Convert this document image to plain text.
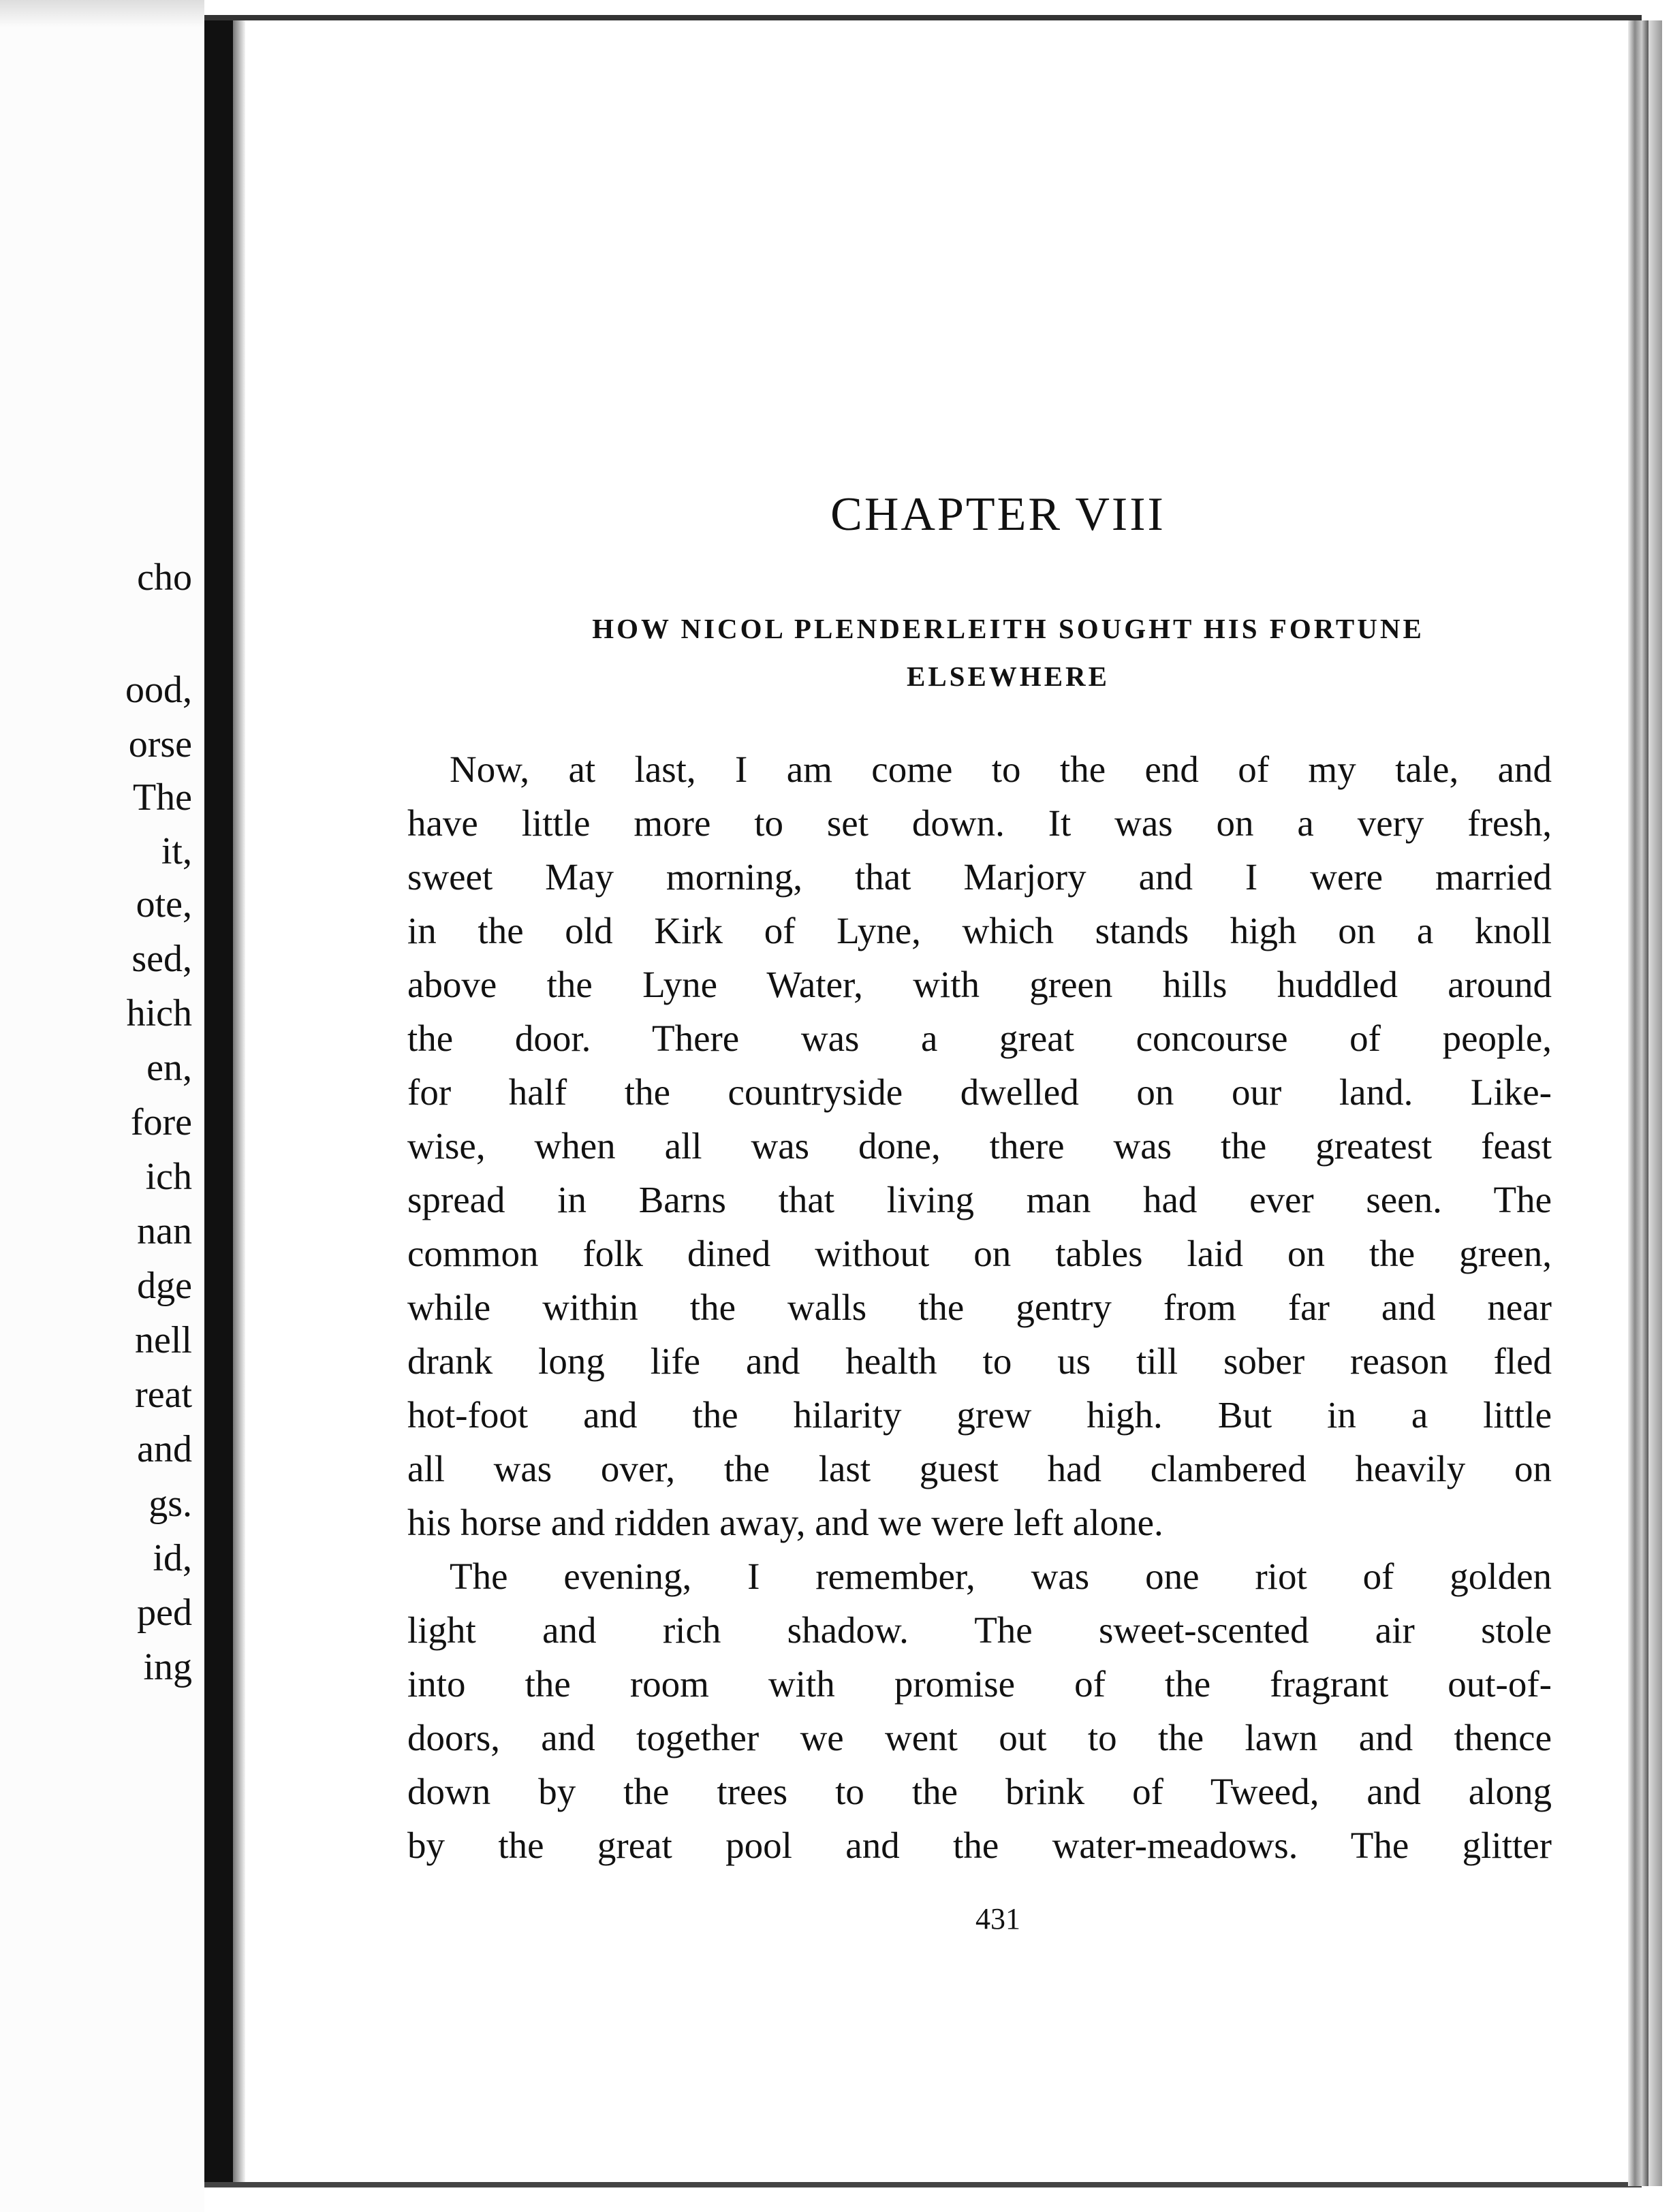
cho
ood,
orse
The
it,
ote,
sed,
hich
en,
fore
ich
nan
dge
nell
reat
and
gs.
id,
ped
ing
CHAPTER VIII
HOW NICOL PLENDERLEITH SOUGHT HIS FORTUNE
ELSEWHERE
Now, at last, I am come to the end of my tale, and
have little more to set down. It was on a very fresh,
sweet May morning, that Marjory and I were married
in the old Kirk of Lyne, which stands high on a knoll
above the Lyne Water, with green hills huddled around
the door. There was a great concourse of people,
for half the countryside dwelled on our land. Like-
wise, when all was done, there was the greatest feast
spread in Barns that living man had ever seen. The
common folk dined without on tables laid on the green,
while within the walls the gentry from far and near
drank long life and health to us till sober reason fled
hot-foot and the hilarity grew high. But in a little
all was over, the last guest had clambered heavily on
his horse and ridden away, and we were left alone.
The evening, I remember, was one riot of golden
light and rich shadow. The sweet-scented air stole
into the room with promise of the fragrant out-of-
doors, and together we went out to the lawn and thence
down by the trees to the brink of Tweed, and along
by the great pool and the water-meadows. The glitter
431
